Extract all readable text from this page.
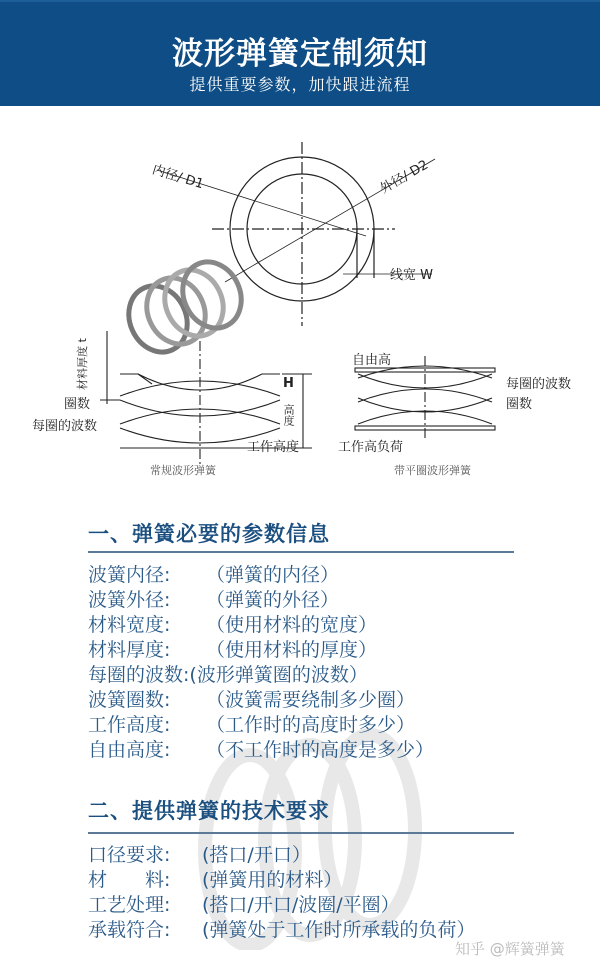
波形弹簧定制须知
提供重要参数，加快跟进流程
内径/ D1	外径/ D2
线宽 W
材料厚度 t
圈数
每圈的波数
H
高度
工作高度
常规波形弹簧
自由高
每圈的波数
圈数
工作高负荷
带平圈波形弹簧
一、弹簧必要的参数信息
波簧内径: （弹簧的内径）
波簧外径: （弹簧的外径）
材料宽度: （使用材料的宽度）
材料厚度: （使用材料的厚度）
每圈的波数:(波形弹簧圈的波数）
波簧圈数: （波簧需要绕制多少圈）
工作高度: （工作时的高度时多少）
自由高度: （不工作时的高度是多少）
二、提供弹簧的技术要求
口径要求: (搭口/开口）
材　　料: (弹簧用的材料）
工艺处理: (搭口/开口/波圈/平圈）
承载符合: (弹簧处于工作时所承载的负荷）
知乎 @辉簧弹簧
